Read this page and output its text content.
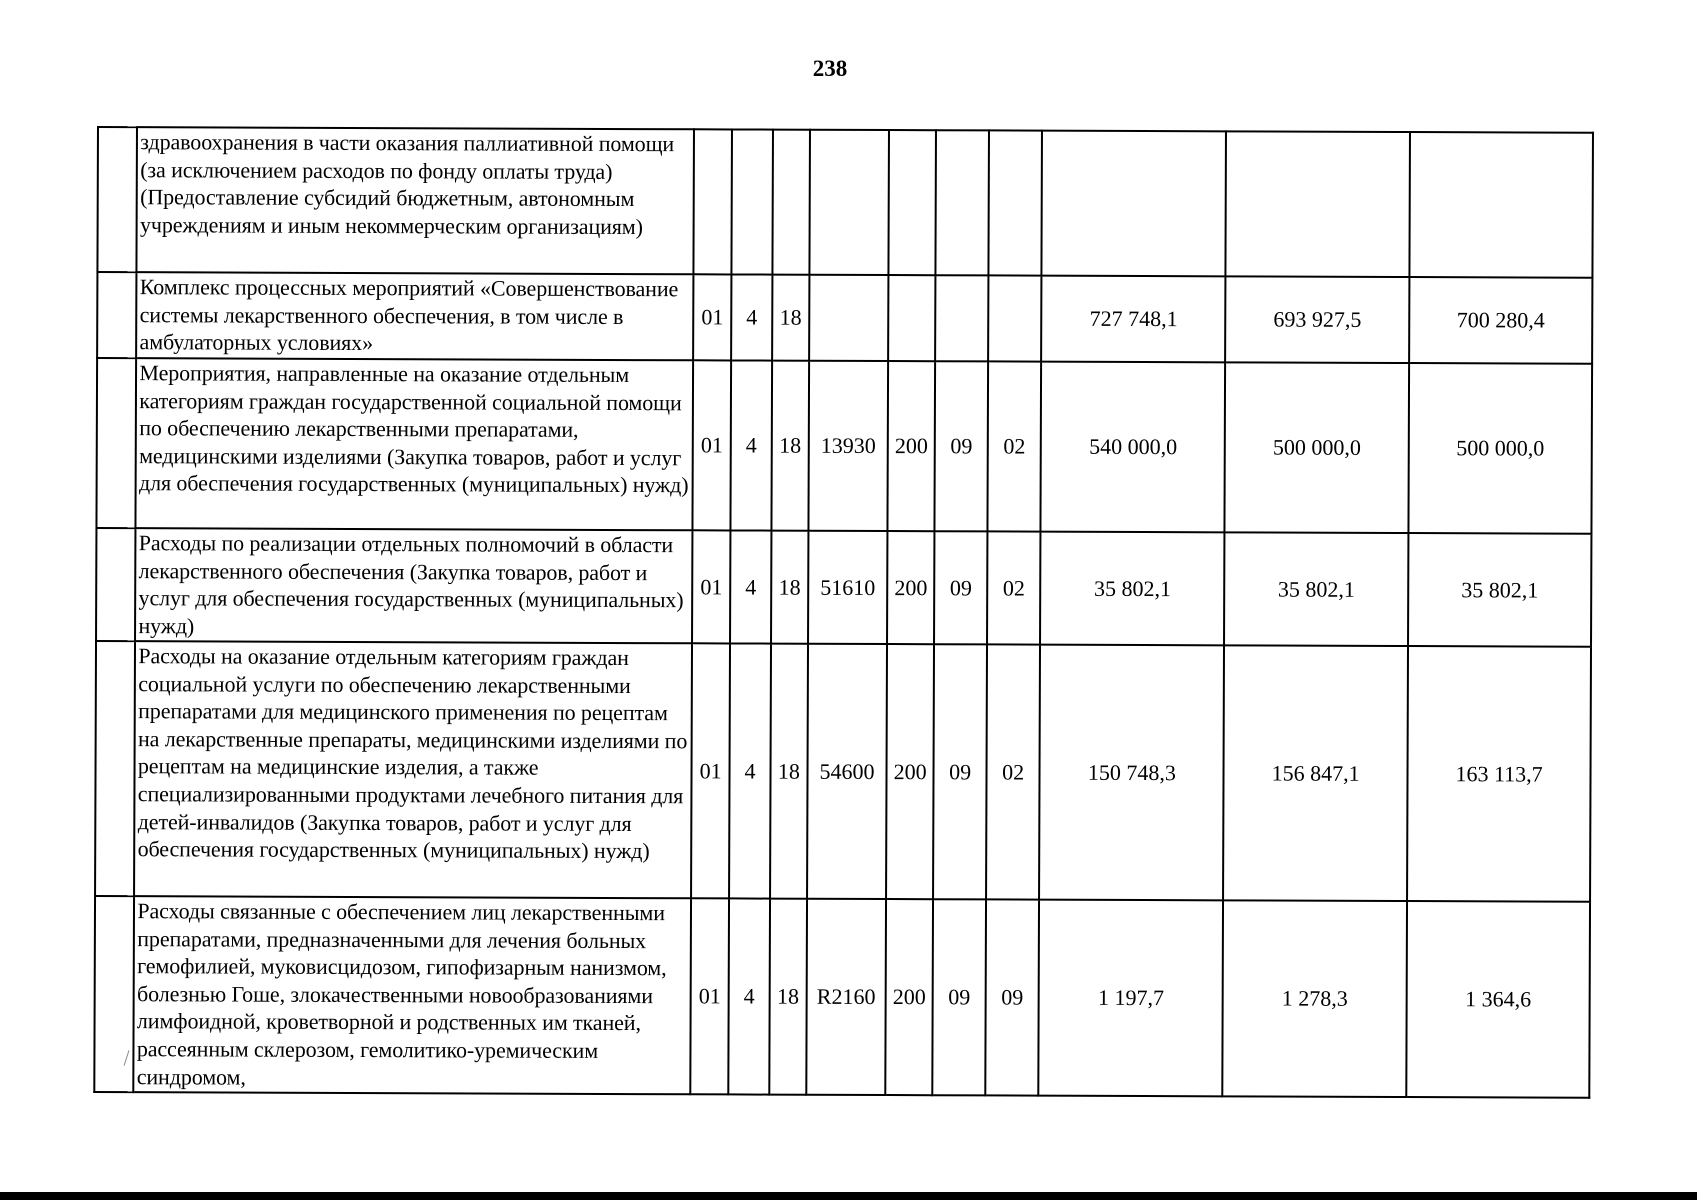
238
	здравоохранения в части оказания паллиативной помощи (за исключением расходов по фонду оплаты труда) (Предоставление субсидий бюджетным, автономным учреждениям и иным некоммерческим организациям)										
	Комплекс процессных мероприятий «Совершенствование системы лекарственного обеспечения, в том числе в амбулаторных условиях»	01	4	18					727 748,1	693 927,5	700 280,4
	Мероприятия, направленные на оказание отдельным категориям граждан государственной социальной помощи по обеспечению лекарственными препаратами, медицинскими изделиями (Закупка товаров, работ и услуг для обеспечения государственных (муниципальных) нужд)	01	4	18	13930	200	09	02	540 000,0	500 000,0	500 000,0
	Расходы по реализации отдельных полномочий в области лекарственного обеспечения (Закупка товаров, работ и услуг для обеспечения государственных (муниципальных) нужд)	01	4	18	51610	200	09	02	35 802,1	35 802,1	35 802,1
	Расходы на оказание отдельным категориям граждан социальной услуги по обеспечению лекарственными препаратами для медицинского применения по рецептам на лекарственные препараты, медицинскими изделиями по рецептам на медицинские изделия, а также специализированными продуктами лечебного питания для детей-инвалидов (Закупка товаров, работ и услуг для обеспечения государственных (муниципальных) нужд)	01	4	18	54600	200	09	02	150 748,3	156 847,1	163 113,7
	Расходы связанные с обеспечением лиц лекарственными препаратами, предназначенными для лечения больных гемофилией, муковисцидозом, гипофизарным нанизмом, болезнью Гоше, злокачественными новообразованиями лимфоидной, кроветворной и родственных им тканей, рассеянным склерозом, гемолитико-уремическим синдромом,	01	4	18	R2160	200	09	09	1 197,7	1 278,3	1 364,6
